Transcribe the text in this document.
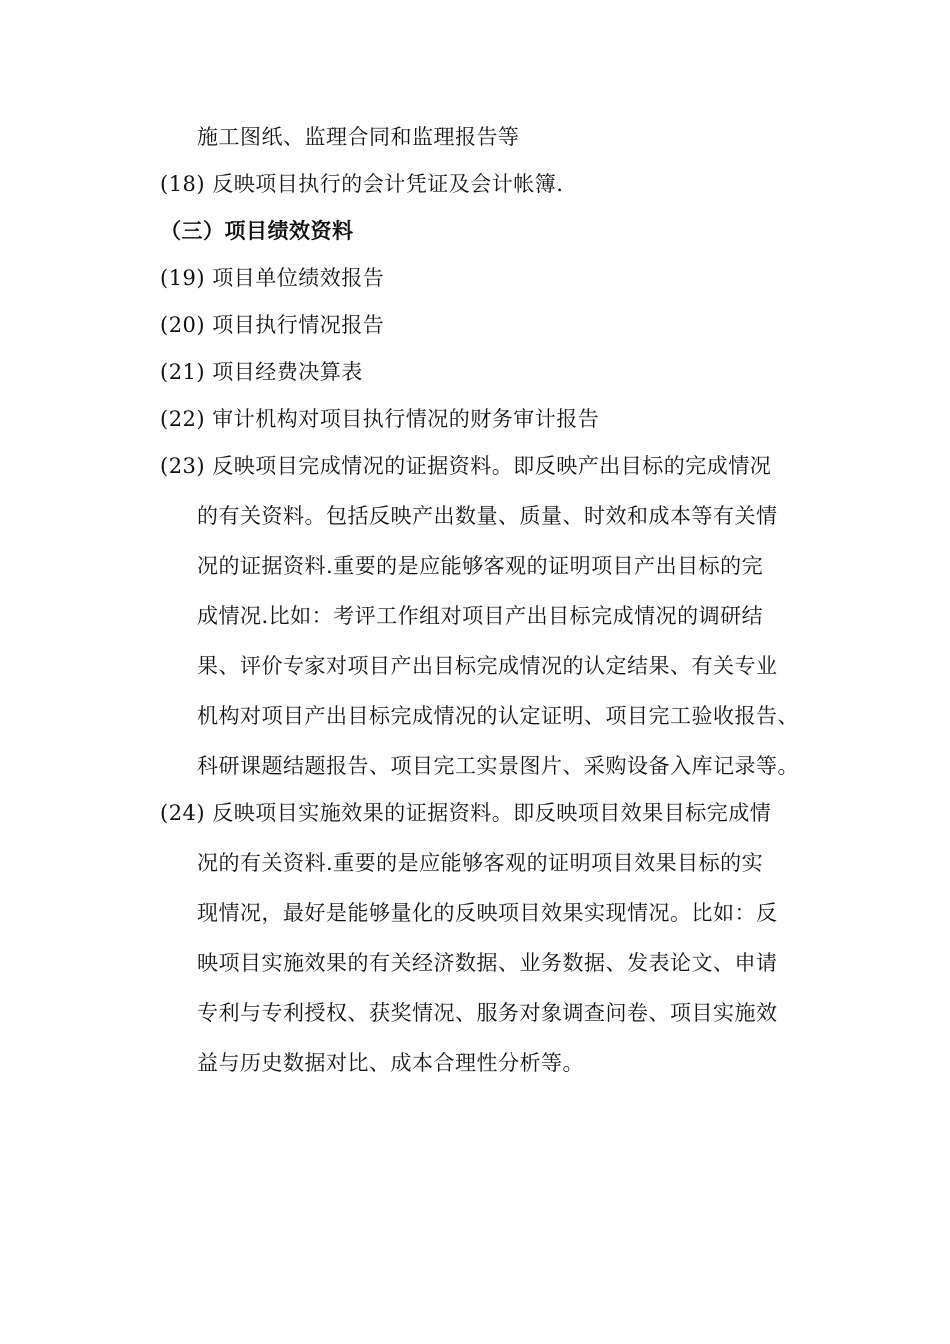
施工图纸、监理合同和监理报告等
(18) 反映项目执行的会计凭证及会计帐簿.
（三）项目绩效资料
(19) 项目单位绩效报告
(20) 项目执行情况报告
(21) 项目经费决算表
(22) 审计机构对项目执行情况的财务审计报告
(23) 反映项目完成情况的证据资料。即反映产出目标的完成情况
的有关资料。包括反映产出数量、质量、时效和成本等有关情
况的证据资料.重要的是应能够客观的证明项目产出目标的完
成情况.比如：考评工作组对项目产出目标完成情况的调研结
果、评价专家对项目产出目标完成情况的认定结果、有关专业
机构对项目产出目标完成情况的认定证明、项目完工验收报告、
科研课题结题报告、项目完工实景图片、采购设备入库记录等。
(24) 反映项目实施效果的证据资料。即反映项目效果目标完成情
况的有关资料.重要的是应能够客观的证明项目效果目标的实
现情况，最好是能够量化的反映项目效果实现情况。比如：反
映项目实施效果的有关经济数据、业务数据、发表论文、申请
专利与专利授权、获奖情况、服务对象调查问卷、项目实施效
益与历史数据对比、成本合理性分析等。
